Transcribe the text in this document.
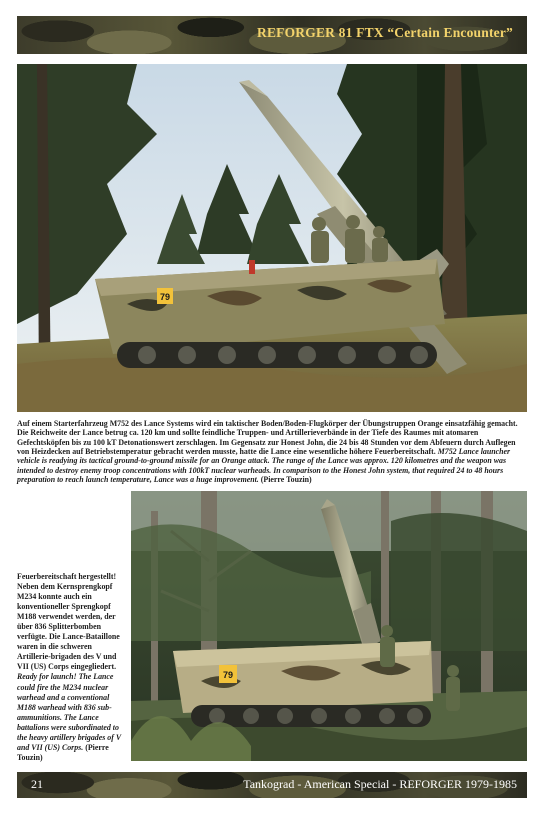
REFORGER 81 FTX “Certain Encounter”
79
Auf einem Starterfahrzeug M752 des Lance Systems wird ein taktischer Boden/Boden-Flugkörper der Übungstruppen Orange einsatzfähig gemacht. Die Reichweite der Lance betrug ca. 120 km und sollte feindliche Truppen- und Artillerieverbände in der Tiefe des Raumes mit atomaren Gefechtsköpfen bis zu 100 kT Detonationswert zerschlagen. Im Gegensatz zur Honest John, die 24 bis 48 Stunden vor dem Abfeuern durch Auflegen von Heizdecken auf Betriebstemperatur gebracht werden musste, hatte die Lance eine wesentliche höhere Feuerbereitschaft. M752 Lance launcher vehicle is readying its tactical ground-to-ground missile for an Orange attack. The range of the Lance was approx. 120 kilometres and the weapon was intended to destroy enemy troop concentrations with 100kT nuclear warheads. In comparison to the Honest John system, that required 24 to 48 hours preparation to reach launch temperature, Lance was a huge improvement. (Pierre Touzin)
Feuerbereitschaft hergestellt! Neben dem Kernsprengkopf M234 konnte auch ein konventioneller Sprengkopf M188 verwendet werden, der über 836 Splitterbomben verfügte. Die Lance-Bataillone waren in die schweren Artillerie-brigaden des V und VII (US) Corps eingegliedert. Ready for launch! The Lance could fire the M234 nuclear warhead and a conventional M188 warhead with 836 sub-ammunitions. The Lance battalions were subordinated to the heavy artillery brigades of V and VII (US) Corps. (Pierre Touzin)
79
21	Tankograd - American Special - REFORGER 1979-1985
